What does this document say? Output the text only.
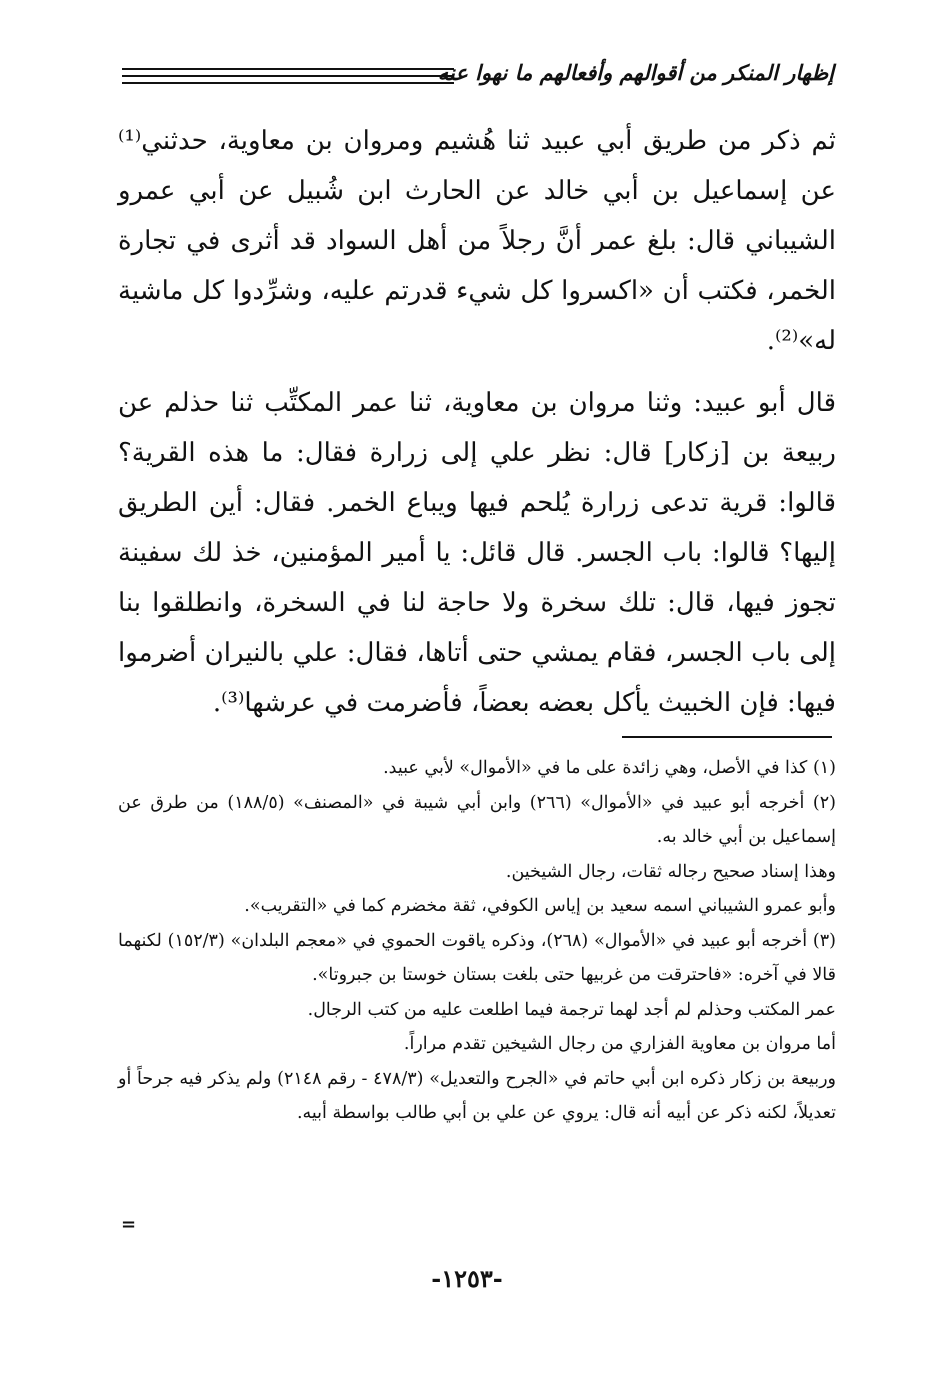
إظهار المنكر من أقوالهم وأفعالهم ما نهوا عنه

ثم ذكر من طريق أبي عبيد ثنا هُشيم ومروان بن معاوية، حدثني⁽¹⁾ عن إسماعيل بن أبي خالد عن الحارث ابن شُبيل عن أبي عمرو الشيباني قال: بلغ عمر أنَّ رجلاً من أهل السواد قد أثرى في تجارة الخمر، فكتب أن «اكسروا كل شيء قدرتم عليه، وشرِّدوا كل ماشية له»⁽²⁾.

قال أبو عبيد: وثنا مروان بن معاوية، ثنا عمر المكتِّب ثنا حذلم عن ربيعة بن [زكار] قال: نظر علي إلى زرارة فقال: ما هذه القرية؟ قالوا: قرية تدعى زرارة يُلحم فيها ويباع الخمر. فقال: أين الطريق إليها؟ قالوا: باب الجسر. قال قائل: يا أمير المؤمنين، خذ لك سفينة تجوز فيها، قال: تلك سخرة ولا حاجة لنا في السخرة، وانطلقوا بنا إلى باب الجسر، فقام يمشي حتى أتاها، فقال: علي بالنيران أضرموا فيها: فإن الخبيث يأكل بعضه بعضاً، فأضرمت في عرشها⁽³⁾.

(١) كذا في الأصل، وهي زائدة على ما في «الأموال» لأبي عبيد.
(٢) أخرجه أبو عبيد في «الأموال» (٢٦٦) وابن أبي شيبة في «المصنف» (١٨٨/٥) من طرق عن إسماعيل بن أبي خالد به.
وهذا إسناد صحيح رجاله ثقات، رجال الشيخين.
وأبو عمرو الشيباني اسمه سعيد بن إياس الكوفي، ثقة مخضرم كما في «التقريب».
(٣) أخرجه أبو عبيد في «الأموال» (٢٦٨)، وذكره ياقوت الحموي في «معجم البلدان» (١٥٢/٣) لكنهما قالا في آخره: «فاحترقت من غربيها حتى بلغت بستان خوستا بن جبروتا».
عمر المكتب وحذلم لم أجد لهما ترجمة فيما اطلعت عليه من كتب الرجال.
أما مروان بن معاوية الفزاري من رجال الشيخين تقدم مراراً.
وربيعة بن زكار ذكره ابن أبي حاتم في «الجرح والتعديل» (٤٧٨/٣ - رقم ٢١٤٨) ولم يذكر فيه جرحاً أو تعديلاً، لكنه ذكر عن أبيه أنه قال: يروي عن علي بن أبي طالب بواسطة أبيه.
=
-١٢٥٣-
